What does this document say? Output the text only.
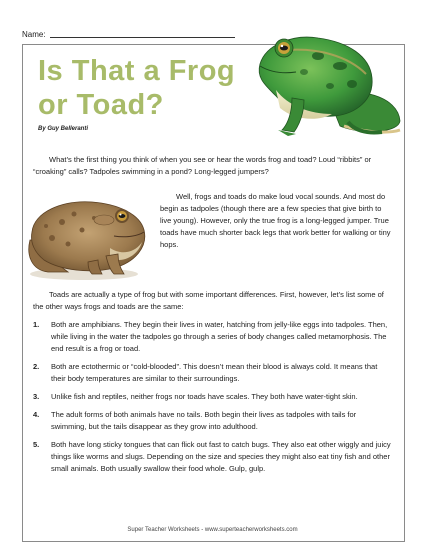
Name:
Is That a Frog
or Toad?
By Guy Belleranti

What’s the first thing you think of when you see or hear the words frog and toad? Loud “ribbits” or “croaking” calls? Tadpoles swimming in a pond? Long-legged jumpers?

Well, frogs and toads do make loud vocal sounds. And most do begin as tadpoles (though there are a few species that give birth to live young). However, only the true frog is a long-legged jumper. True toads have much shorter back legs that work better for walking or tiny hops.

Toads are actually a type of frog but with some important differences. First, however, let’s list some of the other ways frogs and toads are the same:

1.	Both are amphibians. They begin their lives in water, hatching from jelly-like eggs into tadpoles. Then, while living in the water the tadpoles go through a series of body changes called metamorphosis. The end result is a frog or toad.
2.	Both are ectothermic or “cold-blooded”. This doesn’t mean their blood is always cold. It means that their body temperatures are similar to their surroundings.
3.	Unlike fish and reptiles, neither frogs nor toads have scales. They both have water-tight skin.
4.	The adult forms of both animals have no tails. Both begin their lives as tadpoles with tails for swimming, but the tails disappear as they grow into adulthood.
5.	Both have long sticky tongues that can flick out fast to catch bugs. They also eat other wiggly and juicy things like worms and slugs. Depending on the size and species they might also eat tiny fish and other small animals. Both usually swallow their food whole. Gulp, gulp.
Super Teacher Worksheets - www.superteacherworksheets.com
